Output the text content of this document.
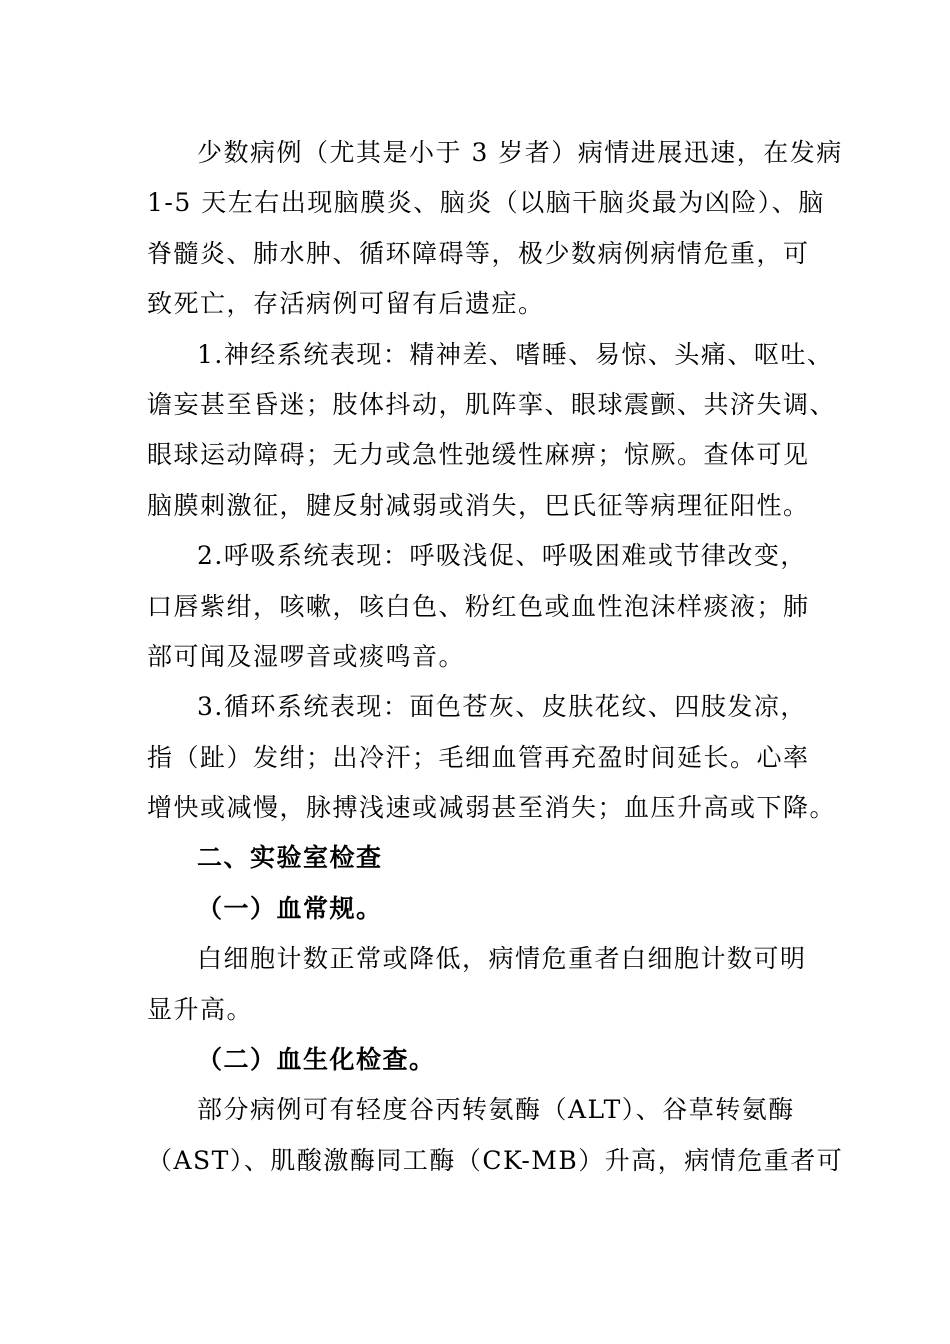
少数病例（尤其是小于 3 岁者）病情进展迅速，在发病
1-5 天左右出现脑膜炎、脑炎（以脑干脑炎最为凶险）、脑
脊髓炎、肺水肿、循环障碍等，极少数病例病情危重，可
致死亡，存活病例可留有后遗症。
1.神经系统表现：精神差、嗜睡、易惊、头痛、呕吐、
谵妄甚至昏迷；肢体抖动，肌阵挛、眼球震颤、共济失调、
眼球运动障碍；无力或急性弛缓性麻痹；惊厥。查体可见
脑膜刺激征，腱反射减弱或消失，巴氏征等病理征阳性。
2.呼吸系统表现：呼吸浅促、呼吸困难或节律改变，
口唇紫绀，咳嗽，咳白色、粉红色或血性泡沫样痰液；肺
部可闻及湿啰音或痰鸣音。
3.循环系统表现：面色苍灰、皮肤花纹、四肢发凉，
指（趾）发绀；出冷汗；毛细血管再充盈时间延长。心率
增快或减慢，脉搏浅速或减弱甚至消失；血压升高或下降。
二、实验室检查
（一）血常规。
白细胞计数正常或降低，病情危重者白细胞计数可明
显升高。
（二）血生化检查。
部分病例可有轻度谷丙转氨酶（ALT）、谷草转氨酶
（AST）、肌酸激酶同工酶（CK-MB）升高，病情危重者可
